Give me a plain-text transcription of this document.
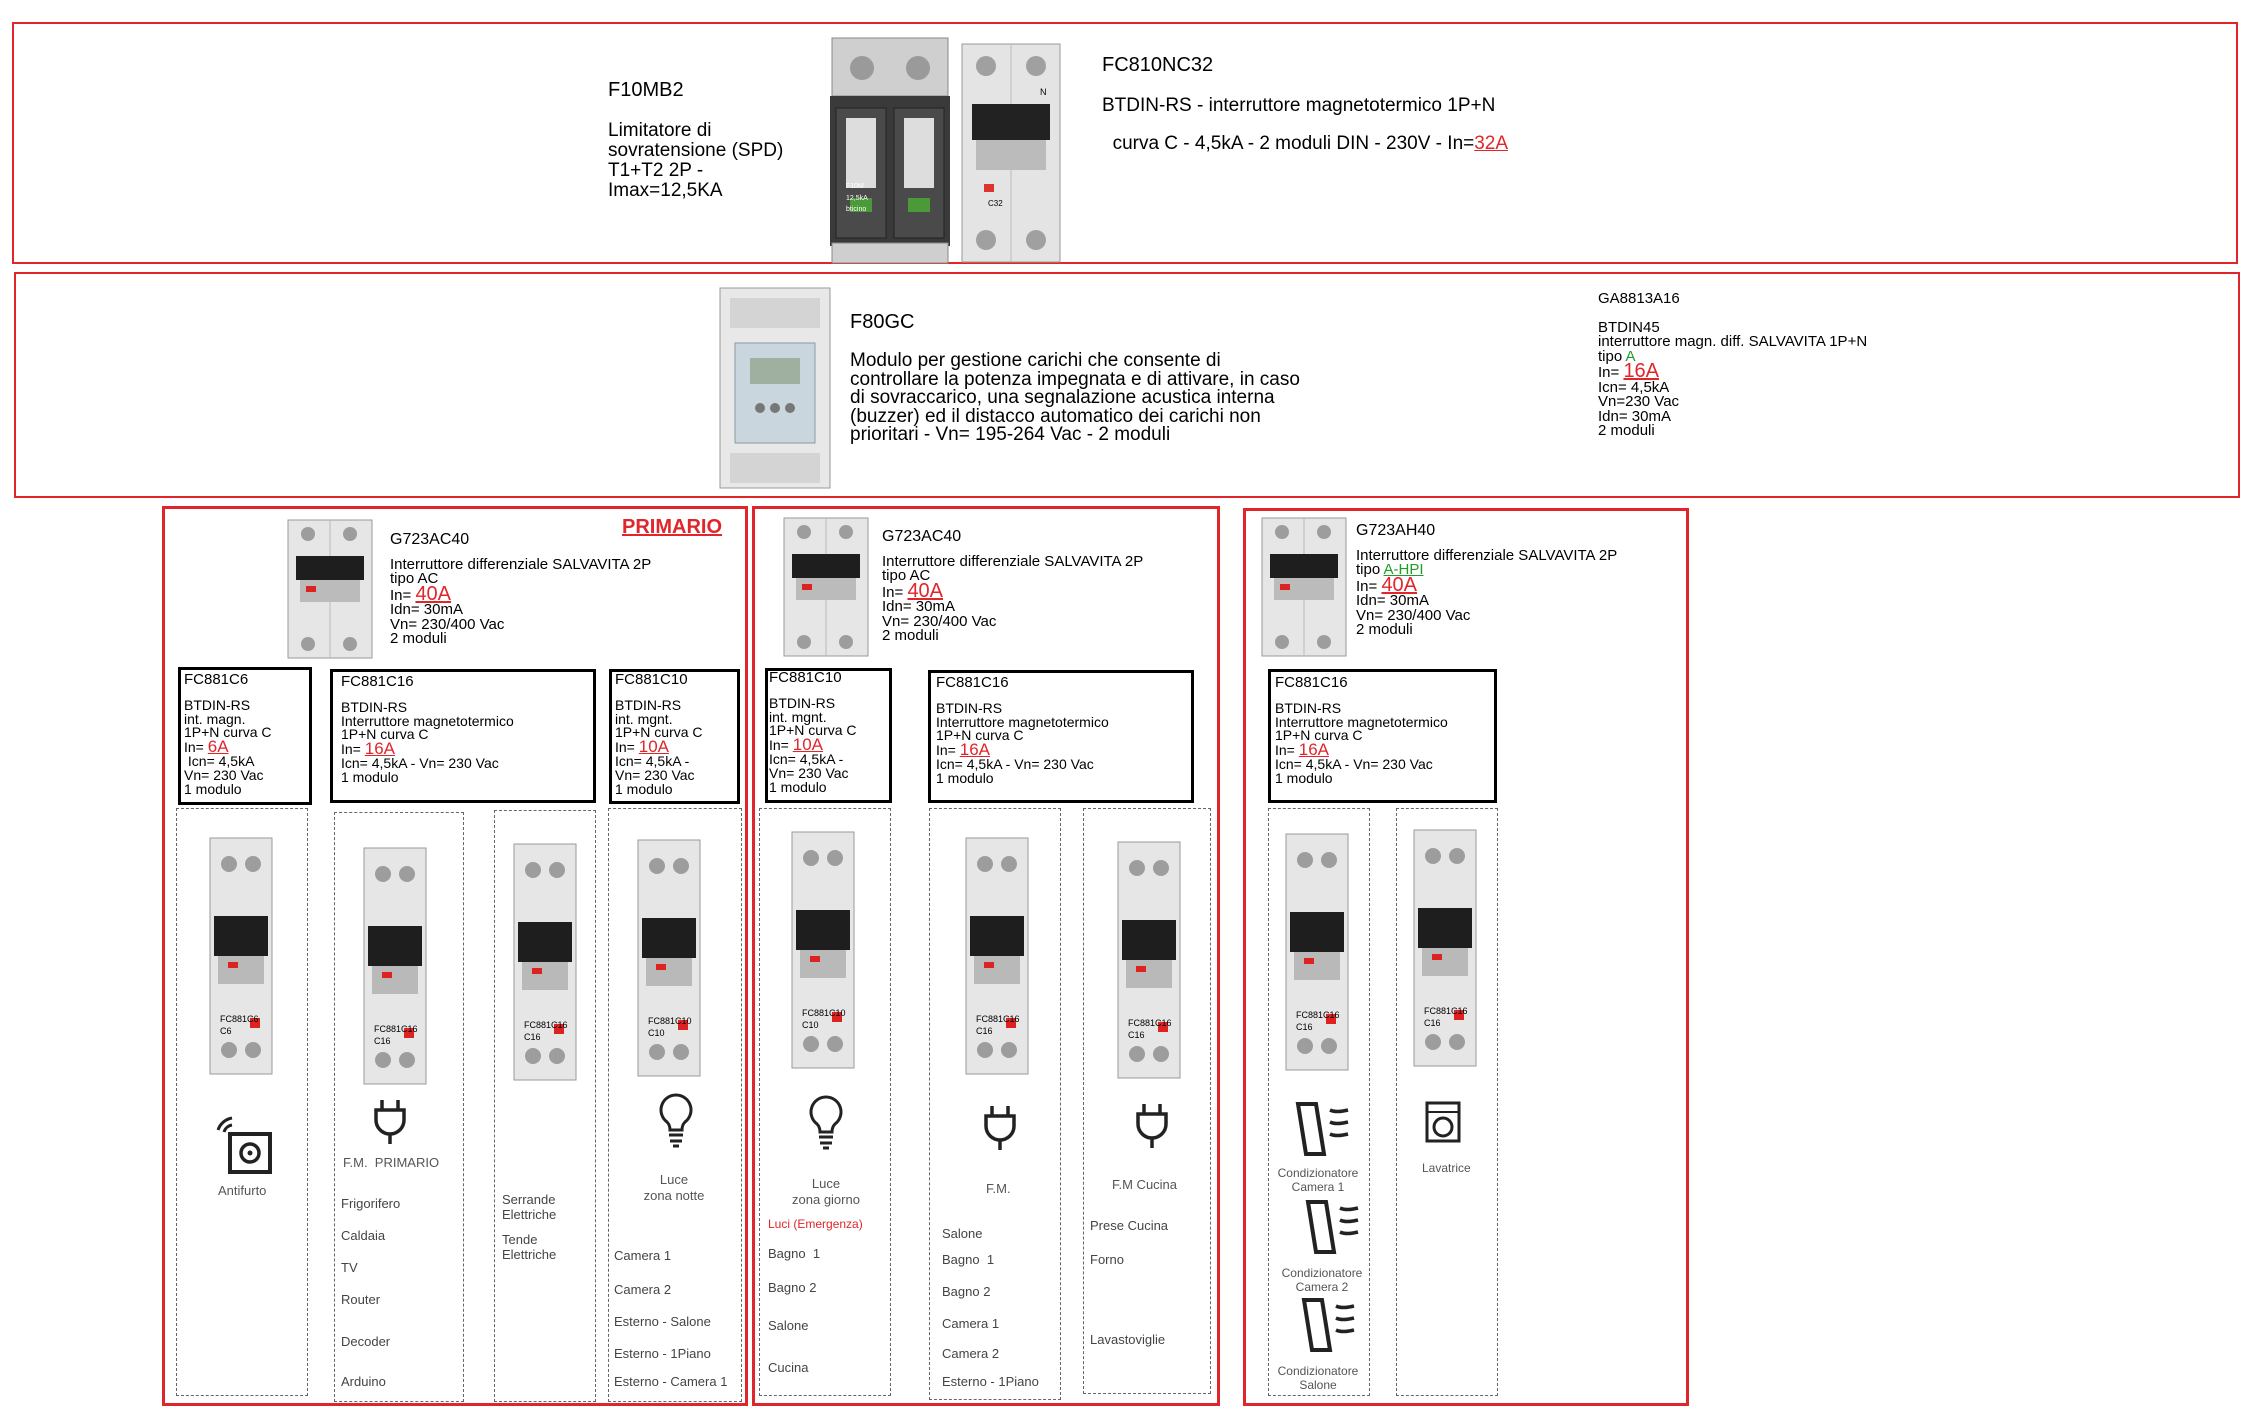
F10MB2
Limitatore di
sovratensione (SPD)
T1+T2 2P -
Imax=12,5KA	F10M
12,5kA
bticino
C32
N
FC810NC32
BTDIN-RS - interruttore magnetotermico 1P+N

curva C - 4,5kA - 2 moduli DIN - 230V - In=32A

F80GC
Modulo per gestione carichi che consente di
controllare la potenza impegnata e di attivare, in caso
di sovraccarico, una segnalazione acustica interna
(buzzer) ed il distacco automatico dei carichi non
prioritari - Vn= 195-264 Vac - 2 moduli
GA8813A16
BTDIN45
interruttore magn. diff. SALVAVITA 1P+N
tipo A
In= 16A
Icn= 4,5kA
Vn=230 Vac
Idn= 30mA
2 moduli
PRIMARIO
G723AC40
Interruttore differenziale SALVAVITA 2P
tipo AC
In= 40A
Idn= 30mA
Vn= 230/400 Vac
2 moduli
G723AC40
Interruttore differenziale SALVAVITA 2P
tipo AC
In= 40A
Idn= 30mA
Vn= 230/400 Vac
2 moduli
G723AH40
Interruttore differenziale SALVAVITA 2P
tipo A-HPI
In= 40A
Idn= 30mA
Vn= 230/400 Vac
2 moduli
FC881C6
BTDIN-RS
int. magn.
1P+N curva C
In= 6A
Icn= 4,5kA
Vn= 230 Vac
1 modulo
FC881C16
BTDIN-RS
Interruttore magnetotermico
1P+N curva C
In= 16A
Icn= 4,5kA - Vn= 230 Vac
1 modulo
FC881C10
BTDIN-RS
int. mgnt.
1P+N curva C
In= 10A
Icn= 4,5kA -
Vn= 230 Vac
1 modulo
FC881C10
BTDIN-RS
int. mgnt.
1P+N curva C
In= 10A
Icn= 4,5kA -
Vn= 230 Vac
1 modulo
FC881C16
BTDIN-RS
Interruttore magnetotermico
1P+N curva C
In= 16A
Icn= 4,5kA - Vn= 230 Vac
1 modulo
FC881C16
BTDIN-RS
Interruttore magnetotermico
1P+N curva C
In= 16A
Icn= 4,5kA - Vn= 230 Vac
1 modulo
FC881C6
C6	FC881C16
C16
FC881C16
C16
FC881C10
C10
FC881C10
C10
FC881C16
C16
FC881C16
C16
FC881C16
C16
FC881C16
C16
Antifurto
F.M.  PRIMARIO
Luce
zona notte
Luce
zona giorno
F.M.	F.M Cucina
Lavatrice
Condizionatore
Camera 1
Condizionatore
Camera 2
Condizionatore
Salone
Luci (Emergenza)
Frigorifero
Caldaia
TV
Router
Decoder
Arduino
Serrande
Elettriche
Tende
Elettriche	Camera 1
Camera 2
Esterno - Salone
Esterno - 1Piano
Esterno - Camera 1
Bagno  1
Bagno 2
Salone
Cucina
Salone
Bagno  1
Bagno 2
Camera 1
Camera 2
Esterno - 1Piano
Prese Cucina
Forno
Lavastoviglie
